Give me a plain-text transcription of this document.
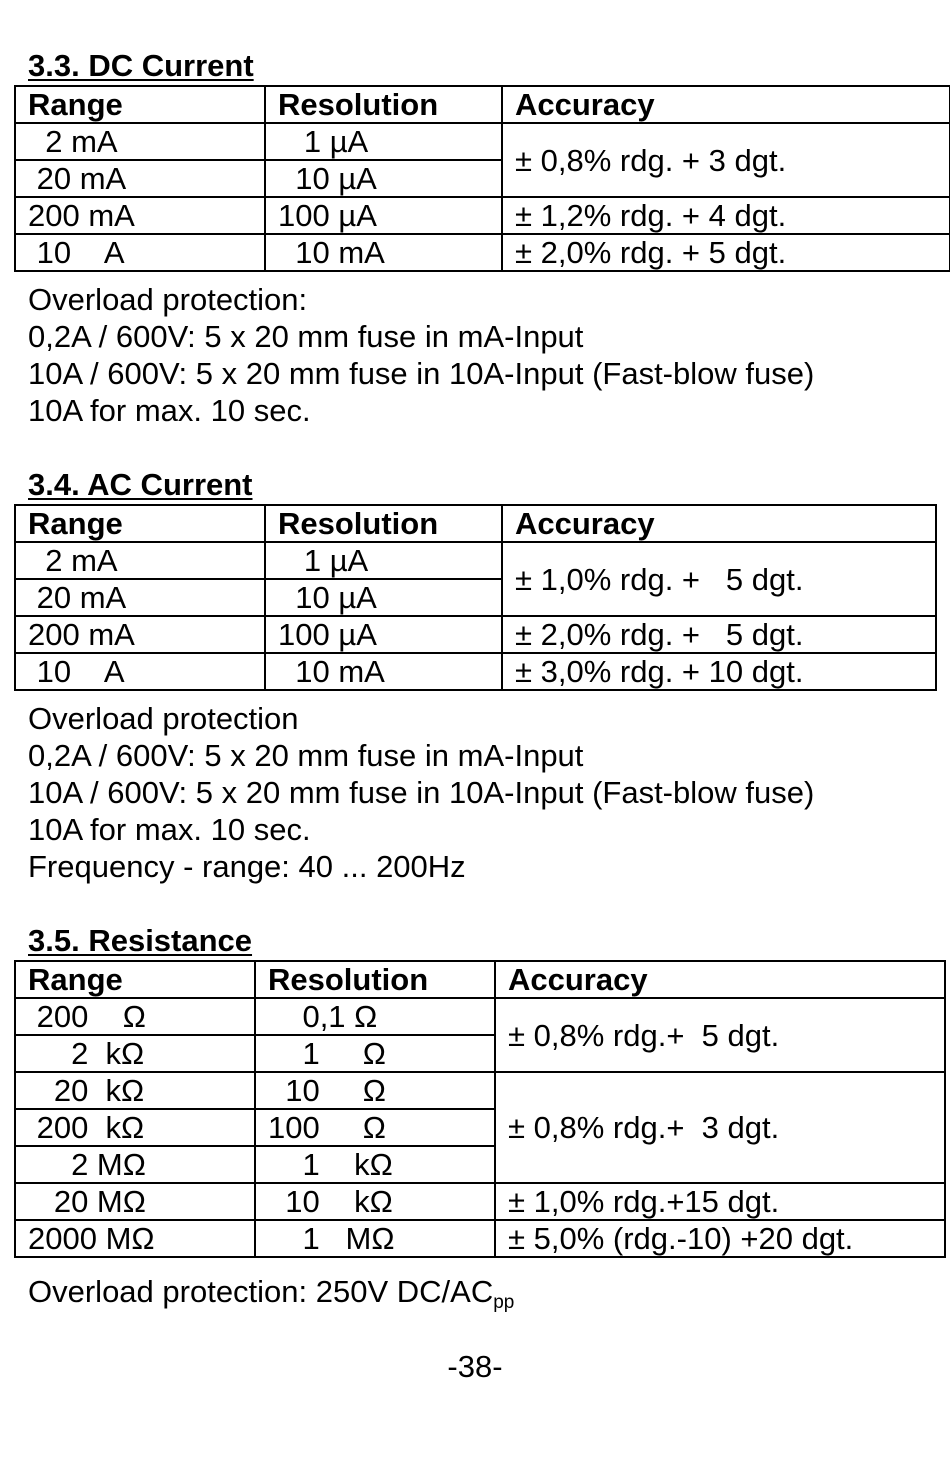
3.3. DC Current
Range	Resolution	Accuracy
2 mA	1 µA	± 0,8% rdg. + 3 dgt.
20 mA	10 µA	
200 mA	100 µA	± 1,2% rdg. + 4 dgt.
10    A	10 mA	± 2,0% rdg. + 5 dgt.
Overload protection:
0,2A / 600V: 5 x 20 mm fuse in mA-Input
10A / 600V: 5 x 20 mm fuse in 10A-Input (Fast-blow fuse)
10A for max. 10 sec.
3.4. AC Current
Range	Resolution	Accuracy
2 mA	1 µA	± 1,0% rdg. +   5 dgt.
20 mA	10 µA	
200 mA	100 µA	± 2,0% rdg. +   5 dgt.
10    A	10 mA	± 3,0% rdg. + 10 dgt.
Overload protection
0,2A / 600V: 5 x 20 mm fuse in mA-Input
10A / 600V: 5 x 20 mm fuse in 10A-Input (Fast-blow fuse)
10A for max. 10 sec.
Frequency - range: 40 ... 200Hz
3.5. Resistance
Range	Resolution	Accuracy
200    Ω	0,1 Ω	± 0,8% rdg.+  5 dgt.
2  kΩ	1     Ω	
20  kΩ	10     Ω	± 0,8% rdg.+  3 dgt.
200  kΩ	100     Ω	
2 MΩ	1    kΩ	
20 MΩ	10    kΩ	± 1,0% rdg.+15 dgt.
2000 MΩ	1   MΩ	± 5,0% (rdg.-10) +20 dgt.
Overload protection: 250V $DC/AC_{pp}$
-38-
